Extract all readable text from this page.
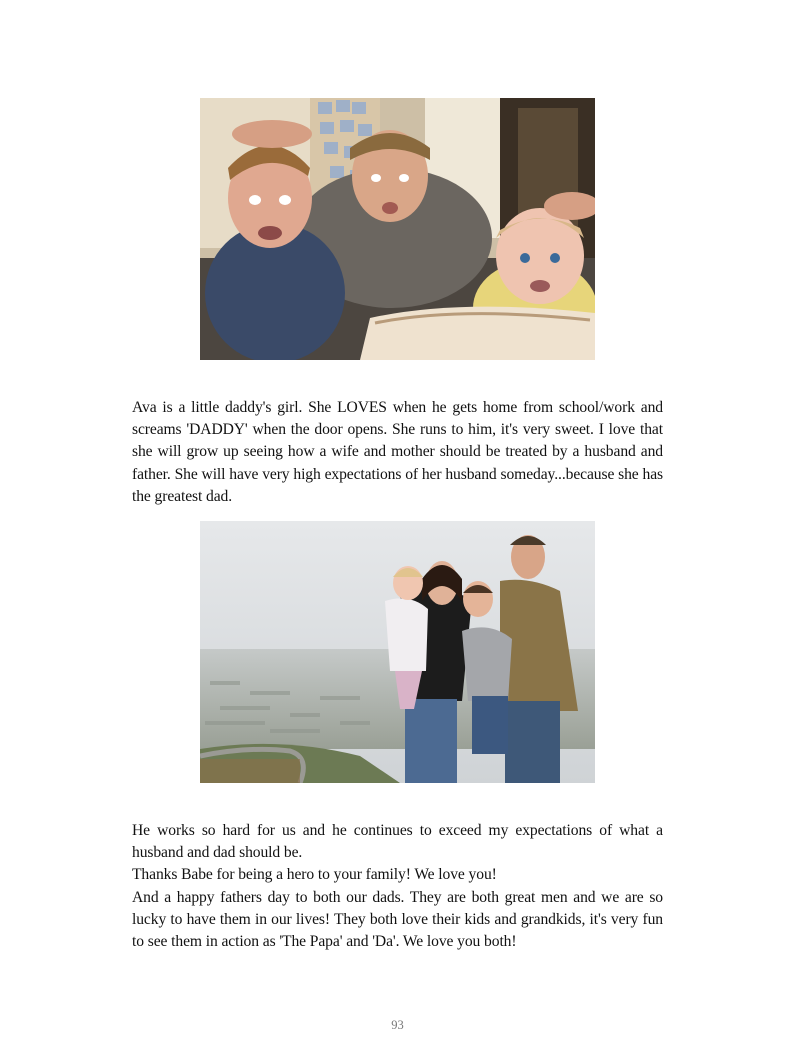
Ava is a little daddy's girl. She LOVES when he gets home from school/work and screams 'DADDY' when the door opens. She runs to him, it's very sweet. I love that she will grow up seeing how a wife and mother should be treated by a husband and father. She will have very high expectations of her husband someday...because she has the greatest dad.

He works so hard for us and he continues to exceed my expectations of what a husband and dad should be.

Thanks Babe for being a hero to your family! We love you!

And a happy fathers day to both our dads. They are both great men and we are so lucky to have them in our lives! They both love their kids and grandkids, it's very fun to see them in action as 'The Papa' and 'Da'. We love you both!

93
